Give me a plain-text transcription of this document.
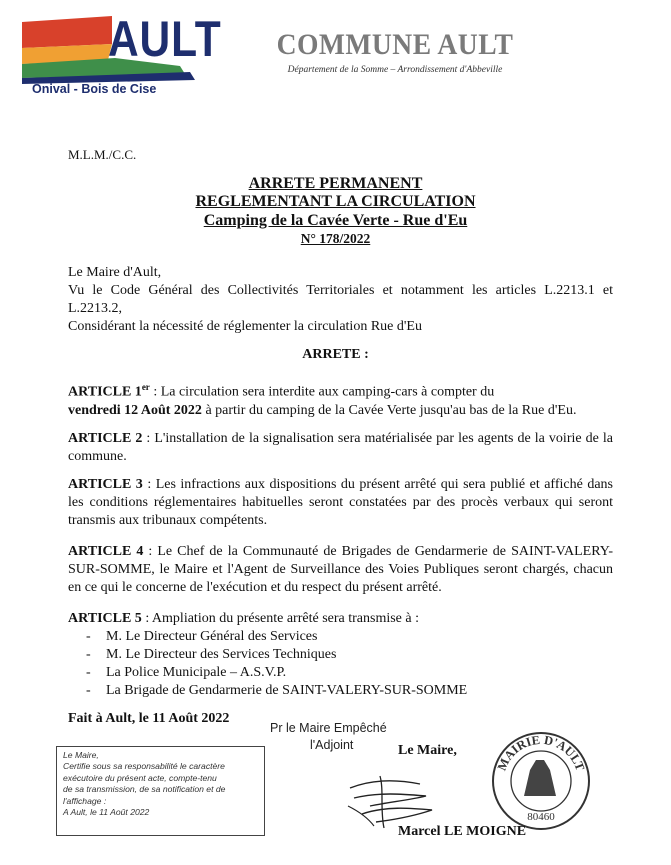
AULT
Onival - Bois de Cise
COMMUNE AULT
Département de la Somme – Arrondissement d'Abbeville
M.L.M./C.C.
ARRETE PERMANENT
REGLEMENTANT LA CIRCULATION
Camping de la Cavée Verte - Rue d'Eu
N° 178/2022
Le Maire d'Ault,
Vu le Code Général des Collectivités Territoriales et notamment les articles L.2213.1 et L.2213.2,
Considérant la nécessité de réglementer la circulation Rue d'Eu
ARRETE :
ARTICLE 1er : La circulation sera interdite aux camping-cars à compter du
vendredi 12 Août 2022 à partir du camping de la Cavée Verte jusqu'au bas de la Rue d'Eu.
ARTICLE 2 : L'installation de la signalisation sera matérialisée par les agents de la voirie de la commune.
ARTICLE 3 : Les infractions aux dispositions du présent arrêté qui sera publié et affiché dans les conditions réglementaires habituelles seront constatées par des procès verbaux qui seront transmis aux tribunaux compétents.
ARTICLE 4 : Le Chef de la Communauté de Brigades de Gendarmerie de SAINT-VALERY-SUR-SOMME, le Maire et l'Agent de Surveillance des Voies Publiques seront chargés, chacun en ce qui le concerne de l'exécution et du respect du présent arrêté.
ARTICLE 5 : Ampliation du présente arrêté sera transmise à :
- M. Le Directeur Général des Services
- M. Le Directeur des Services Techniques
- La Police Municipale – A.S.V.P.
- La Brigade de Gendarmerie de SAINT-VALERY-SUR-SOMME
Fait à Ault, le 11 Août 2022
Le Maire,
Certifie sous sa responsabilité le caractère
exécutoire du présent acte, compte-tenu
de sa transmission, de sa notification et de
l'affichage :
A Ault, le 11 Août 2022
Pr le Maire Empêché
l'Adjoint	Le Maire,
MAIRIE D'AULT
80460
Marcel LE MOIGNE
